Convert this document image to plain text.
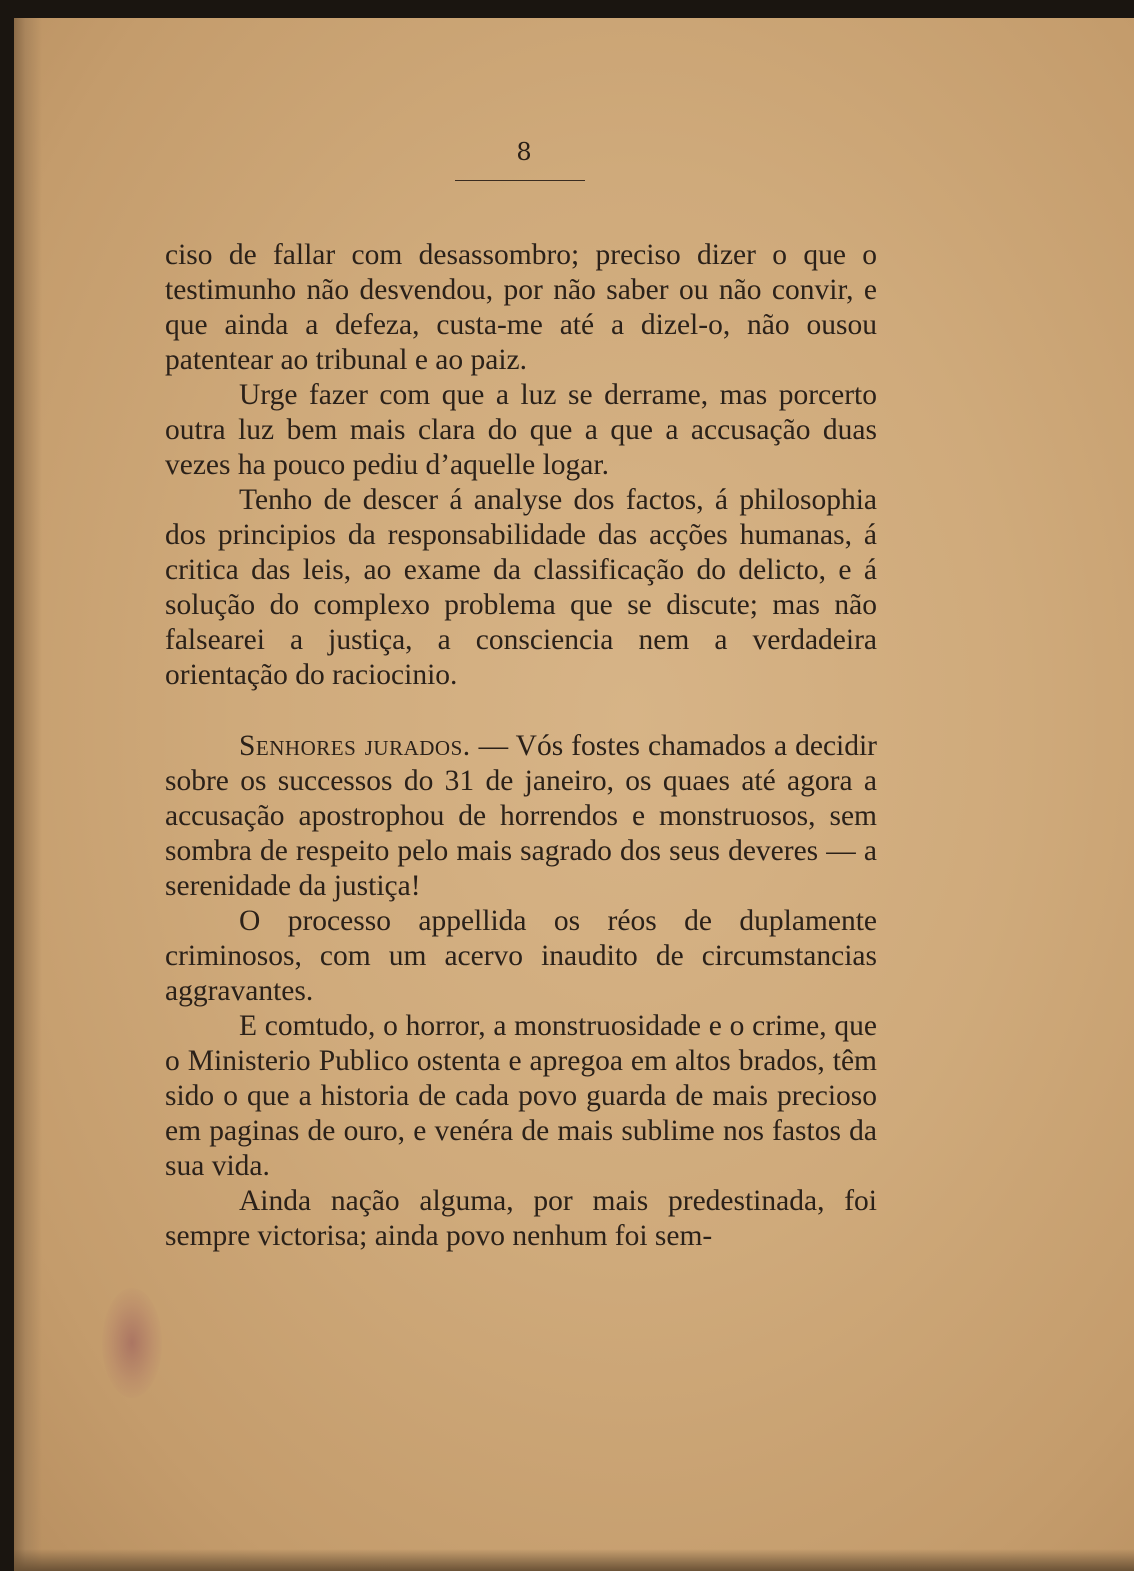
8

ciso de fallar com desassombro; preciso dizer o que o testimunho não desvendou, por não saber ou não convir, e que ainda a defeza, custa-me até a dizel-o, não ousou patentear ao tribunal e ao paiz.

Urge fazer com que a luz se derrame, mas porcerto outra luz bem mais clara do que a que a accusação duas vezes ha pouco pediu d’aquelle logar.

Tenho de descer á analyse dos factos, á philosophia dos principios da responsabilidade das acções humanas, á critica das leis, ao exame da classificação do delicto, e á solução do complexo problema que se discute; mas não falsearei a justiça, a consciencia nem a verdadeira orientação do raciocinio.

Senhores jurados. — Vós fostes chamados a decidir sobre os successos do 31 de janeiro, os quaes até agora a accusação apostrophou de horrendos e monstruosos, sem sombra de respeito pelo mais sagrado dos seus deveres — a serenidade da justiça!

O processo appellida os réos de duplamente criminosos, com um acervo inaudito de circumstancias aggravantes.

E comtudo, o horror, a monstruosidade e o crime, que o Ministerio Publico ostenta e apregoa em altos brados, têm sido o que a historia de cada povo guarda de mais precioso em paginas de ouro, e venéra de mais sublime nos fastos da sua vida.

Ainda nação alguma, por mais predestinada, foi sempre victorisa; ainda povo nenhum foi sem-
